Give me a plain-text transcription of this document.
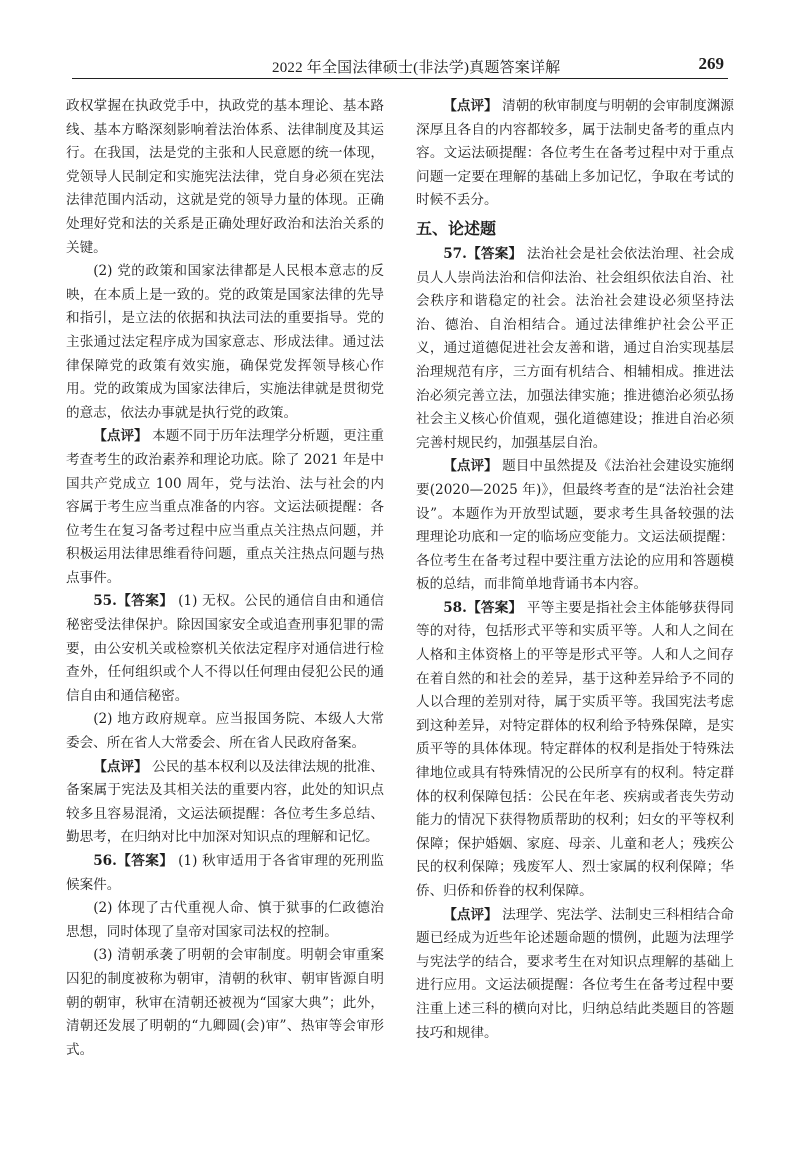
2022 年全国法律硕士(非法学)真题答案详解	269

政权掌握在执政党手中，执政党的基本理论、基本路线、基本方略深刻影响着法治体系、法律制度及其运行。在我国，法是党的主张和人民意愿的统一体现，党领导人民制定和实施宪法法律，党自身必须在宪法法律范围内活动，这就是党的领导力量的体现。正确处理好党和法的关系是正确处理好政治和法治关系的关键。

(2) 党的政策和国家法律都是人民根本意志的反映，在本质上是一致的。党的政策是国家法律的先导和指引，是立法的依据和执法司法的重要指导。党的主张通过法定程序成为国家意志、形成法律。通过法律保障党的政策有效实施，确保党发挥领导核心作用。党的政策成为国家法律后，实施法律就是贯彻党的意志，依法办事就是执行党的政策。

【点评】 本题不同于历年法理学分析题，更注重考查考生的政治素养和理论功底。除了 2021 年是中国共产党成立 100 周年，党与法治、法与社会的内容属于考生应当重点准备的内容。文运法硕提醒：各位考生在复习备考过程中应当重点关注热点问题，并积极运用法律思维看待问题，重点关注热点问题与热点事件。

55.【答案】 (1) 无权。公民的通信自由和通信秘密受法律保护。除因国家安全或追查刑事犯罪的需要，由公安机关或检察机关依法定程序对通信进行检查外，任何组织或个人不得以任何理由侵犯公民的通信自由和通信秘密。

(2) 地方政府规章。应当报国务院、本级人大常委会、所在省人大常委会、所在省人民政府备案。

【点评】 公民的基本权利以及法律法规的批准、备案属于宪法及其相关法的重要内容，此处的知识点较多且容易混淆，文运法硕提醒：各位考生多总结、勤思考，在归纳对比中加深对知识点的理解和记忆。

56.【答案】 (1) 秋审适用于各省审理的死刑监候案件。

(2) 体现了古代重视人命、慎于狱事的仁政德治思想，同时体现了皇帝对国家司法权的控制。

(3) 清朝承袭了明朝的会审制度。明朝会审重案囚犯的制度被称为朝审，清朝的秋审、朝审皆源自明朝的朝审，秋审在清朝还被视为“国家大典”；此外，清朝还发展了明朝的“九卿圆(会)审”、热审等会审形式。

【点评】 清朝的秋审制度与明朝的会审制度渊源深厚且各自的内容都较多，属于法制史备考的重点内容。文运法硕提醒：各位考生在备考过程中对于重点问题一定要在理解的基础上多加记忆，争取在考试的时候不丢分。

五、论述题

57.【答案】 法治社会是社会依法治理、社会成员人人崇尚法治和信仰法治、社会组织依法自治、社会秩序和谐稳定的社会。法治社会建设必须坚持法治、德治、自治相结合。通过法律维护社会公平正义，通过道德促进社会友善和谐，通过自治实现基层治理规范有序，三方面有机结合、相辅相成。推进法治必须完善立法，加强法律实施；推进德治必须弘扬社会主义核心价值观，强化道德建设；推进自治必须完善村规民约，加强基层自治。

【点评】 题目中虽然提及《法治社会建设实施纲要(2020—2025 年)》，但最终考查的是“法治社会建设”。本题作为开放型试题，要求考生具备较强的法理理论功底和一定的临场应变能力。文运法硕提醒：各位考生在备考过程中要注重方法论的应用和答题模板的总结，而非简单地背诵书本内容。

58.【答案】 平等主要是指社会主体能够获得同等的对待，包括形式平等和实质平等。人和人之间在人格和主体资格上的平等是形式平等。人和人之间存在着自然的和社会的差异，基于这种差异给予不同的人以合理的差别对待，属于实质平等。我国宪法考虑到这种差异，对特定群体的权利给予特殊保障，是实质平等的具体体现。特定群体的权利是指处于特殊法律地位或具有特殊情况的公民所享有的权利。特定群体的权利保障包括：公民在年老、疾病或者丧失劳动能力的情况下获得物质帮助的权利；妇女的平等权利保障；保护婚姻、家庭、母亲、儿童和老人；残疾公民的权利保障；残废军人、烈士家属的权利保障；华侨、归侨和侨眷的权利保障。

【点评】 法理学、宪法学、法制史三科相结合命题已经成为近些年论述题命题的惯例，此题为法理学与宪法学的结合，要求考生在对知识点理解的基础上进行应用。文运法硕提醒：各位考生在备考过程中要注重上述三科的横向对比，归纳总结此类题目的答题技巧和规律。
